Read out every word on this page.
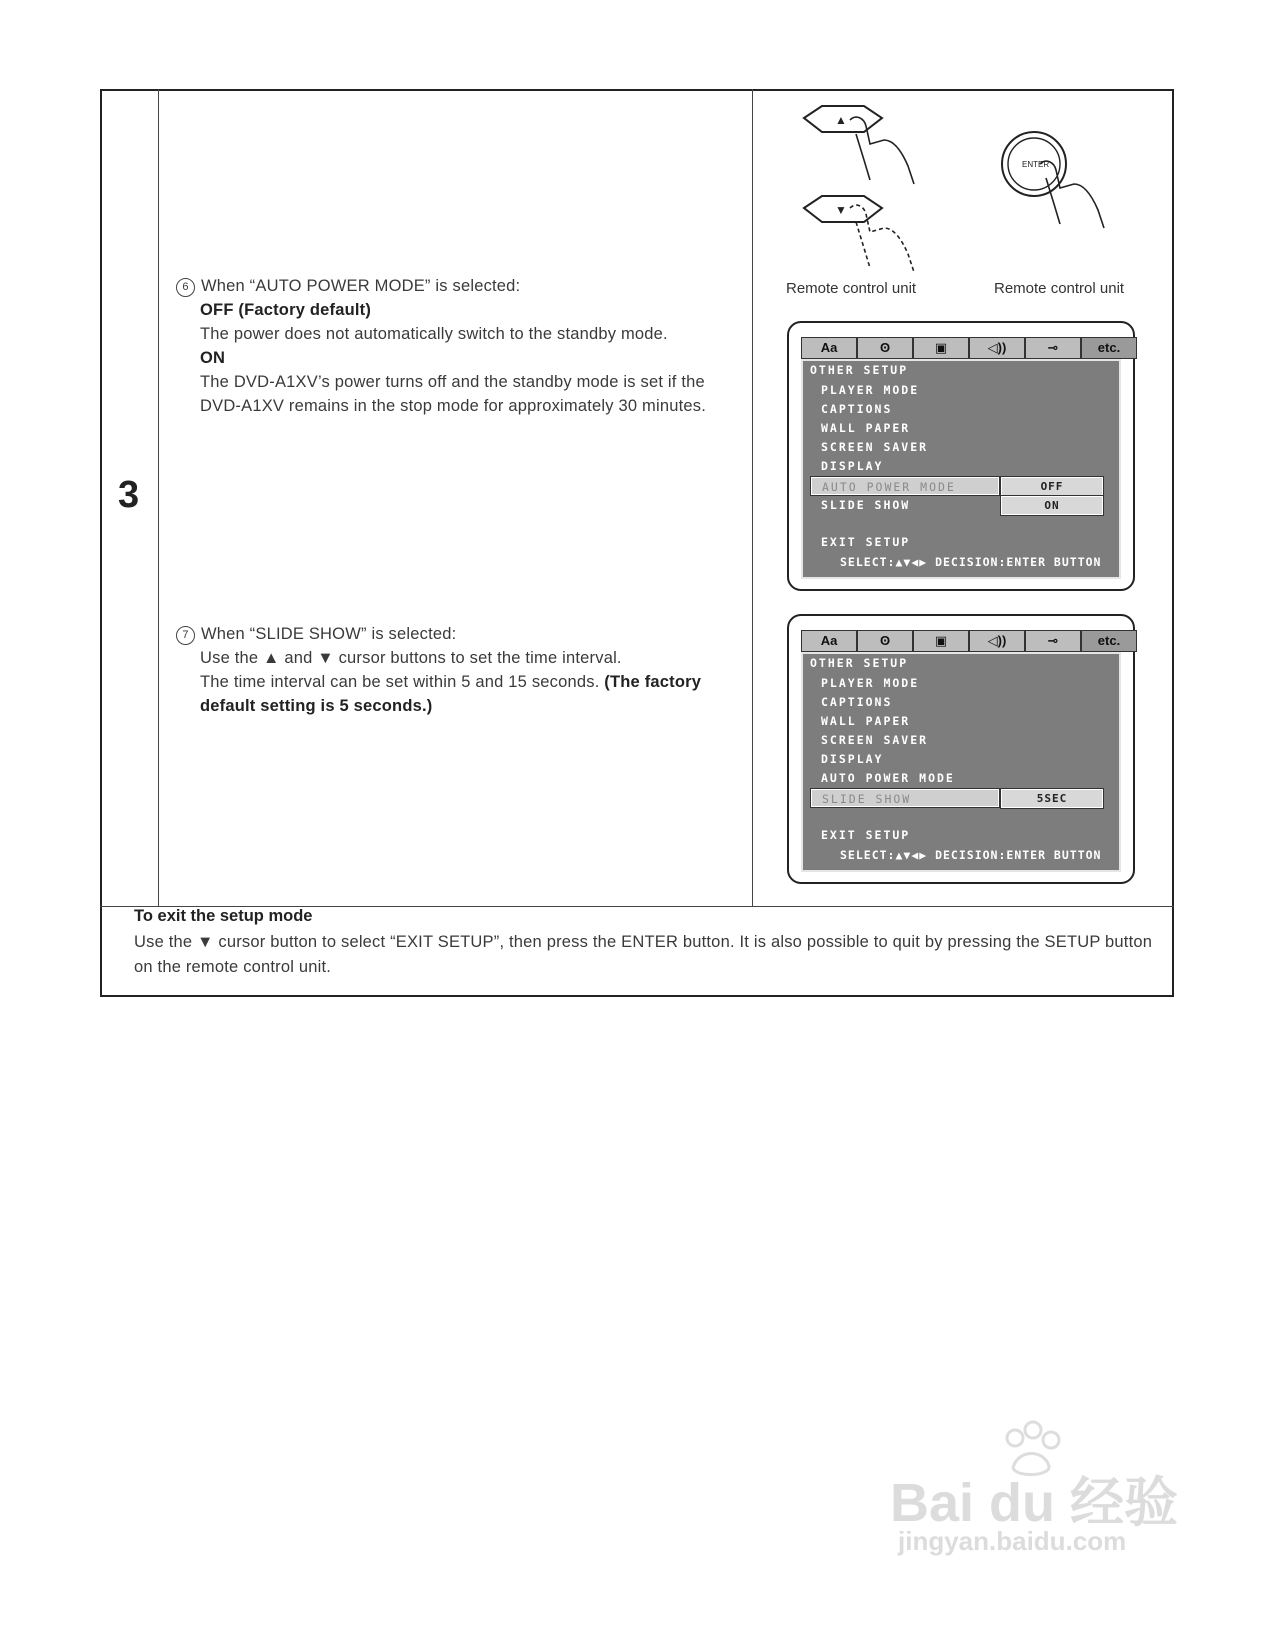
3

6 When “AUTO POWER MODE” is selected:

OFF (Factory default)

The power does not automatically switch to the standby mode.

ON

The DVD-A1XV’s power turns off and the standby mode is set if the

DVD-A1XV remains in the stop mode for approximately 30 minutes.

7 When “SLIDE SHOW” is selected:

Use the ▲ and ▼ cursor buttons to set the time interval.

The time interval can be set within 5 and 15 seconds. (The factory

default setting is 5 seconds.)

▲
▼
ENTER
Remote control unit	Remote control unit
Aa	ʘ	▣	◁))	⊸	etc.
OTHER SETUP
PLAYER MODE
CAPTIONS
WALL PAPER
SCREEN SAVER
DISPLAY
AUTO POWER MODE	OFF
SLIDE SHOW	ON
EXIT SETUP
SELECT:▲▼◀▶ DECISION:ENTER BUTTON
Aa	ʘ	▣	◁))	⊸	etc.
OTHER SETUP
PLAYER MODE
CAPTIONS
WALL PAPER
SCREEN SAVER
DISPLAY
AUTO POWER MODE
SLIDE SHOW	5SEC
EXIT SETUP
SELECT:▲▼◀▶ DECISION:ENTER BUTTON
To exit the setup mode
Use the ▼ cursor button to select “EXIT SETUP”, then press the ENTER button. It is also possible to quit by pressing the SETUP button on the remote control unit.
Bai du 经验
jingyan.baidu.com
